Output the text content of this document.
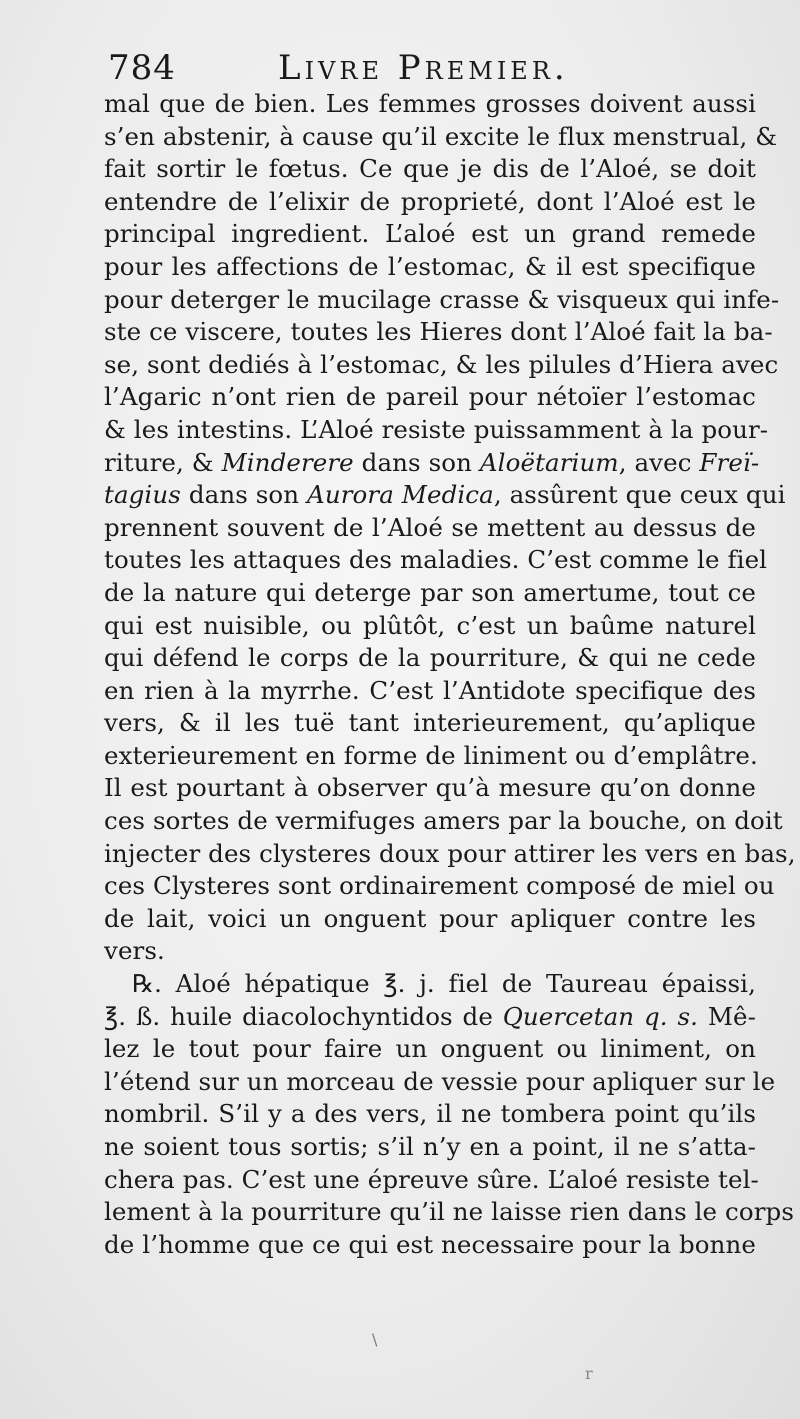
784	Livre Premier.
mal que de bien. Les femmes grosses doivent aussi
s’en abstenir, à cause qu’il excite le flux menstrual, &
fait sortir le fœtus. Ce que je dis de l’Aloé, se doit
entendre de l’elixir de proprieté, dont l’Aloé est le
principal ingredient. L’aloé est un grand remede
pour les affections de l’estomac, & il est specifique
pour deterger le mucilage crasse & visqueux qui infe-
ste ce viscere, toutes les Hieres dont l’Aloé fait la ba-
se, sont dediés à l’estomac, & les pilules d’Hiera avec
l’Agaric n’ont rien de pareil pour nétoïer l’estomac
& les intestins. L’Aloé resiste puissamment à la pour-
riture, & Minderere dans son Aloëtarium, avec Freï-
tagius dans son Aurora Medica, assûrent que ceux qui
prennent souvent de l’Aloé se mettent au dessus de
toutes les attaques des maladies. C’est comme le fiel
de la nature qui deterge par son amertume, tout ce
qui est nuisible, ou plûtôt, c’est un baûme naturel
qui défend le corps de la pourriture, & qui ne cede
en rien à la myrrhe. C’est l’Antidote specifique des
vers, & il les tuë tant interieurement, qu’aplique
exterieurement en forme de liniment ou d’emplâtre.
Il est pourtant à observer qu’à mesure qu’on donne
ces sortes de vermifuges amers par la bouche, on doit
injecter des clysteres doux pour attirer les vers en bas,
ces Clysteres sont ordinairement composé de miel ou
de lait, voici un onguent pour apliquer contre les
vers.
℞. Aloé hépatique ℥. j. fiel de Taureau épaissi,
℥. ß. huile diacolochyntidos de Quercetan q. s. Mê-
lez le tout pour faire un onguent ou liniment, on
l’étend sur un morceau de vessie pour apliquer sur le
nombril. S’il y a des vers, il ne tombera point qu’ils
ne soient tous sortis; s’il n’y en a point, il ne s’atta-
chera pas. C’est une épreuve sûre. L’aloé resiste tel-
lement à la pourriture qu’il ne laisse rien dans le corps
de l’homme que ce qui est necessaire pour la bonne
\
r
